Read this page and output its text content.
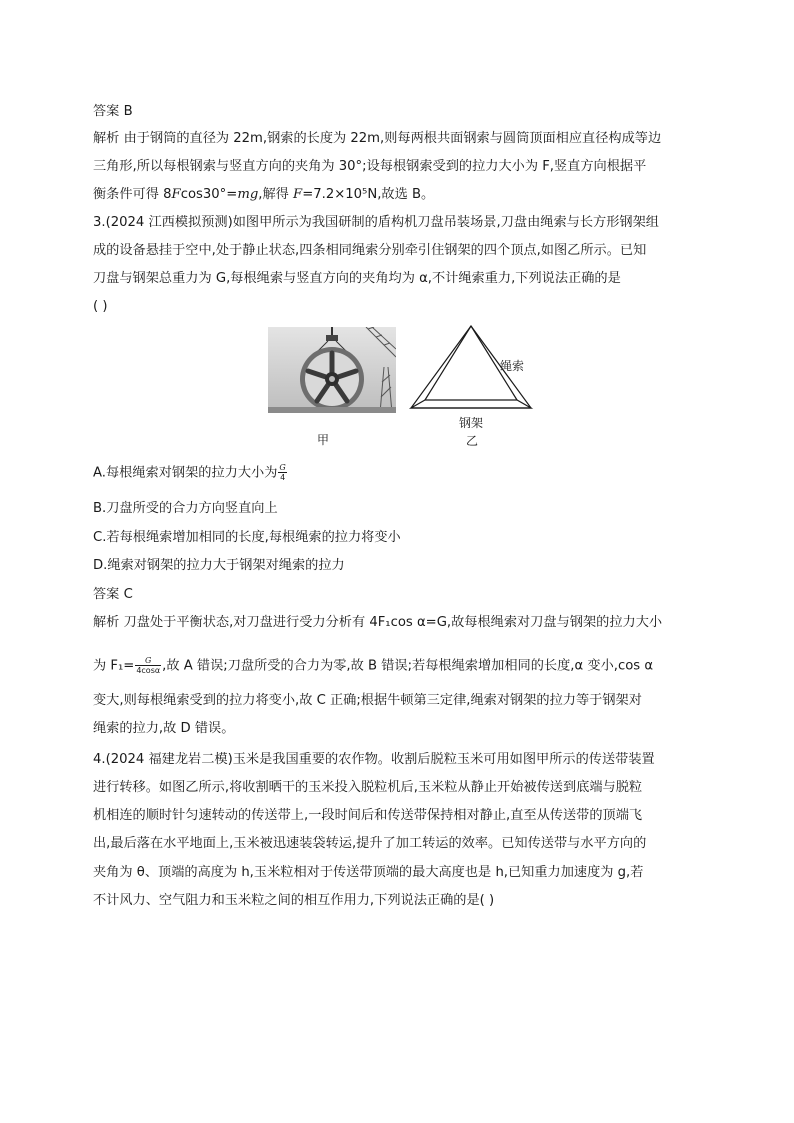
答案 B
解析 由于钢筒的直径为 22m,钢索的长度为 22m,则每两根共面钢索与圆筒顶面相应直径构成等边
三角形,所以每根钢索与竖直方向的夹角为 30°;设每根钢索受到的拉力大小为 F,竖直方向根据平
衡条件可得 8Fcos30°=mg,解得 F=7.2×10⁵N,故选 B。
3.(2024 江西模拟预测)如图甲所示为我国研制的盾构机刀盘吊装场景,刀盘由绳索与长方形钢架组
成的设备悬挂于空中,处于静止状态,四条相同绳索分别牵引住钢架的四个顶点,如图乙所示。已知
刀盘与钢架总重力为 G,每根绳索与竖直方向的夹角均为 α,不计绳索重力,下列说法正确的是
( )
甲
绳索
钢架
乙
A.每根绳索对钢架的拉力大小为 $\frac{G}{4}$
B.刀盘所受的合力方向竖直向上
C.若每根绳索增加相同的长度,每根绳索的拉力将变小
D.绳索对钢架的拉力大于钢架对绳索的拉力
答案 C
解析 刀盘处于平衡状态,对刀盘进行受力分析有 4F₁cos α=G,故每根绳索对刀盘与钢架的拉力大小
为 $F_1= \frac{G}{4\cos\alpha}$ ,故 A 错误;刀盘所受的合力为零,故 B 错误;若每根绳索增加相同的长度,α 变小,cos α
变大,则每根绳索受到的拉力将变小,故 C 正确;根据牛顿第三定律,绳索对钢架的拉力等于钢架对
绳索的拉力,故 D 错误。
4.(2024 福建龙岩二模)玉米是我国重要的农作物。收割后脱粒玉米可用如图甲所示的传送带装置
进行转移。如图乙所示,将收割晒干的玉米投入脱粒机后,玉米粒从静止开始被传送到底端与脱粒
机相连的顺时针匀速转动的传送带上,一段时间后和传送带保持相对静止,直至从传送带的顶端飞
出,最后落在水平地面上,玉米被迅速装袋转运,提升了加工转运的效率。已知传送带与水平方向的
夹角为 θ、顶端的高度为 h,玉米粒相对于传送带顶端的最大高度也是 h,已知重力加速度为 g,若
不计风力、空气阻力和玉米粒之间的相互作用力,下列说法正确的是( )
